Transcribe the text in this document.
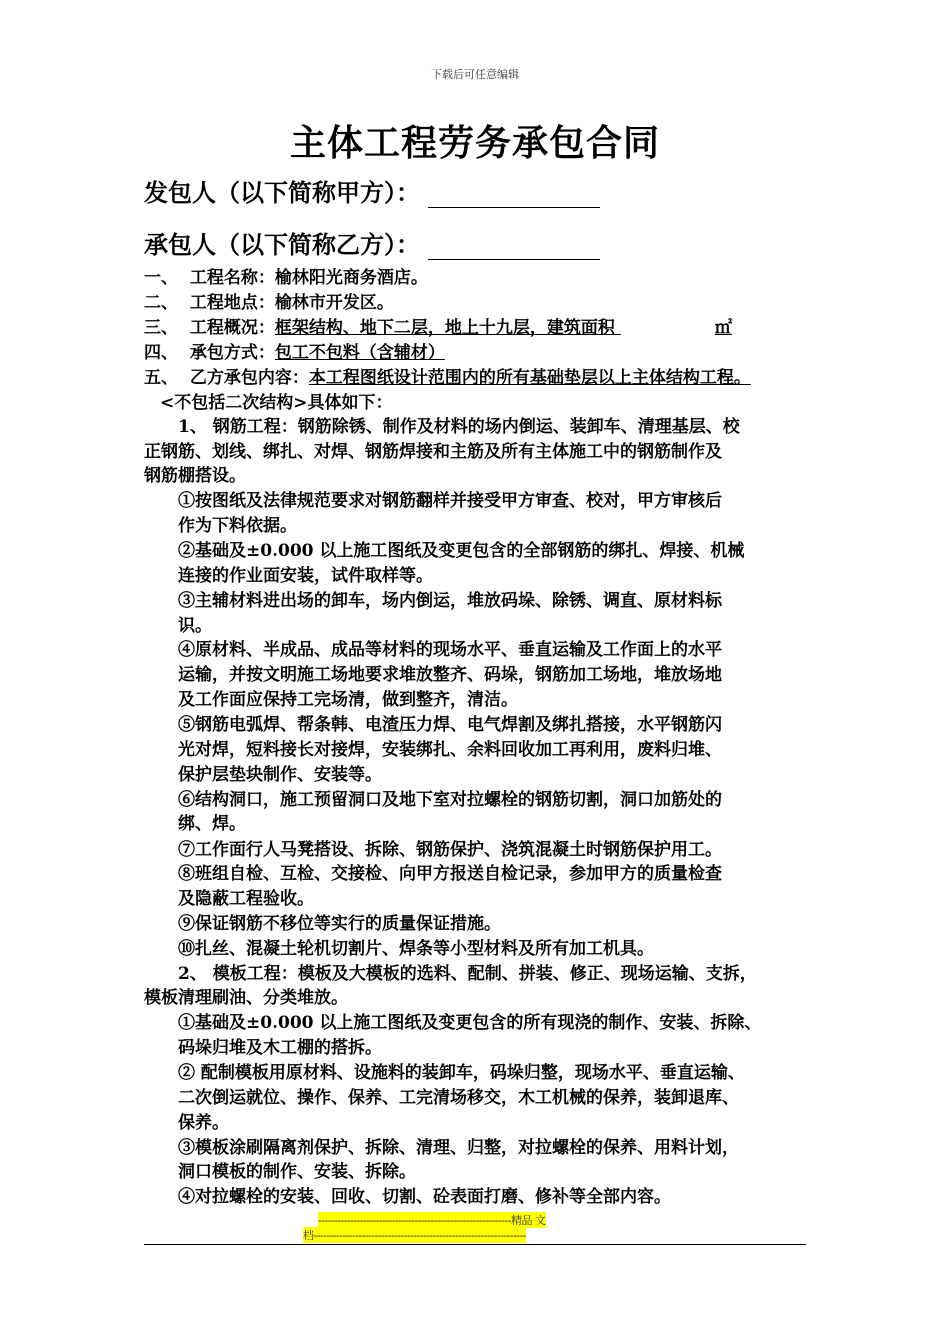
下载后可任意编辑
主体工程劳务承包合同
发包人（以下简称甲方）：
承包人（以下简称乙方）：
一、 工程名称：榆林阳光商务酒店。
二、 工程地点：榆林市开发区。
三、 工程概况：框架结构、地下二层，地上十九层，建筑面积	㎡
四、 承包方式：包工不包料（含辅材）
五、 乙方承包内容：本工程图纸设计范围内的所有基础垫层以上主体结构工程。
<不包括二次结构>具体如下：
1、 钢筋工程：钢筋除锈、制作及材料的场内倒运、装卸车、清理基层、校
正钢筋、划线、绑扎、对焊、钢筋焊接和主筋及所有主体施工中的钢筋制作及
钢筋棚搭设。
①按图纸及法律规范要求对钢筋翻样并接受甲方审查、校对，甲方审核后
作为下料依据。
②基础及±0.000 以上施工图纸及变更包含的全部钢筋的绑扎、焊接、机械
连接的作业面安装，试件取样等。
③主辅材料进出场的卸车，场内倒运，堆放码垛、除锈、调直、原材料标
识。
④原材料、半成品、成品等材料的现场水平、垂直运输及工作面上的水平
运输，并按文明施工场地要求堆放整齐、码垛，钢筋加工场地，堆放场地
及工作面应保持工完场清，做到整齐，清洁。
⑤钢筋电弧焊、帮条韩、电渣压力焊、电气焊割及绑扎搭接，水平钢筋闪
光对焊，短料接长对接焊，安装绑扎、余料回收加工再利用，废料归堆、
保护层垫块制作、安装等。
⑥结构洞口，施工预留洞口及地下室对拉螺栓的钢筋切割，洞口加筋处的
绑、焊。
⑦工作面行人马凳搭设、拆除、钢筋保护、浇筑混凝土时钢筋保护用工。
⑧班组自检、互检、交接检、向甲方报送自检记录，参加甲方的质量检查
及隐蔽工程验收。
⑨保证钢筋不移位等实行的质量保证措施。
⑩扎丝、混凝土轮机切割片、焊条等小型材料及所有加工机具。
2、 模板工程：模板及大模板的选料、配制、拼装、修正、现场运输、支拆，
模板清理刷油、分类堆放。
①基础及±0.000 以上施工图纸及变更包含的所有现浇的制作、安装、拆除、
码垛归堆及木工棚的搭拆。
② 配制模板用原材料、设施料的装卸车，码垛归整，现场水平、垂直运输、
二次倒运就位、操作、保养、工完清场移交，木工机械的保养，装卸退库、
保养。
③模板涂刷隔离剂保护、拆除、清理、归整，对拉螺栓的保养、用料计划，
洞口模板的制作、安装、拆除。
④对拉螺栓的安装、回收、切割、砼表面打磨、修补等全部内容。
------------------------------------------------------------精品 文
档------------------------------------------------------------------
